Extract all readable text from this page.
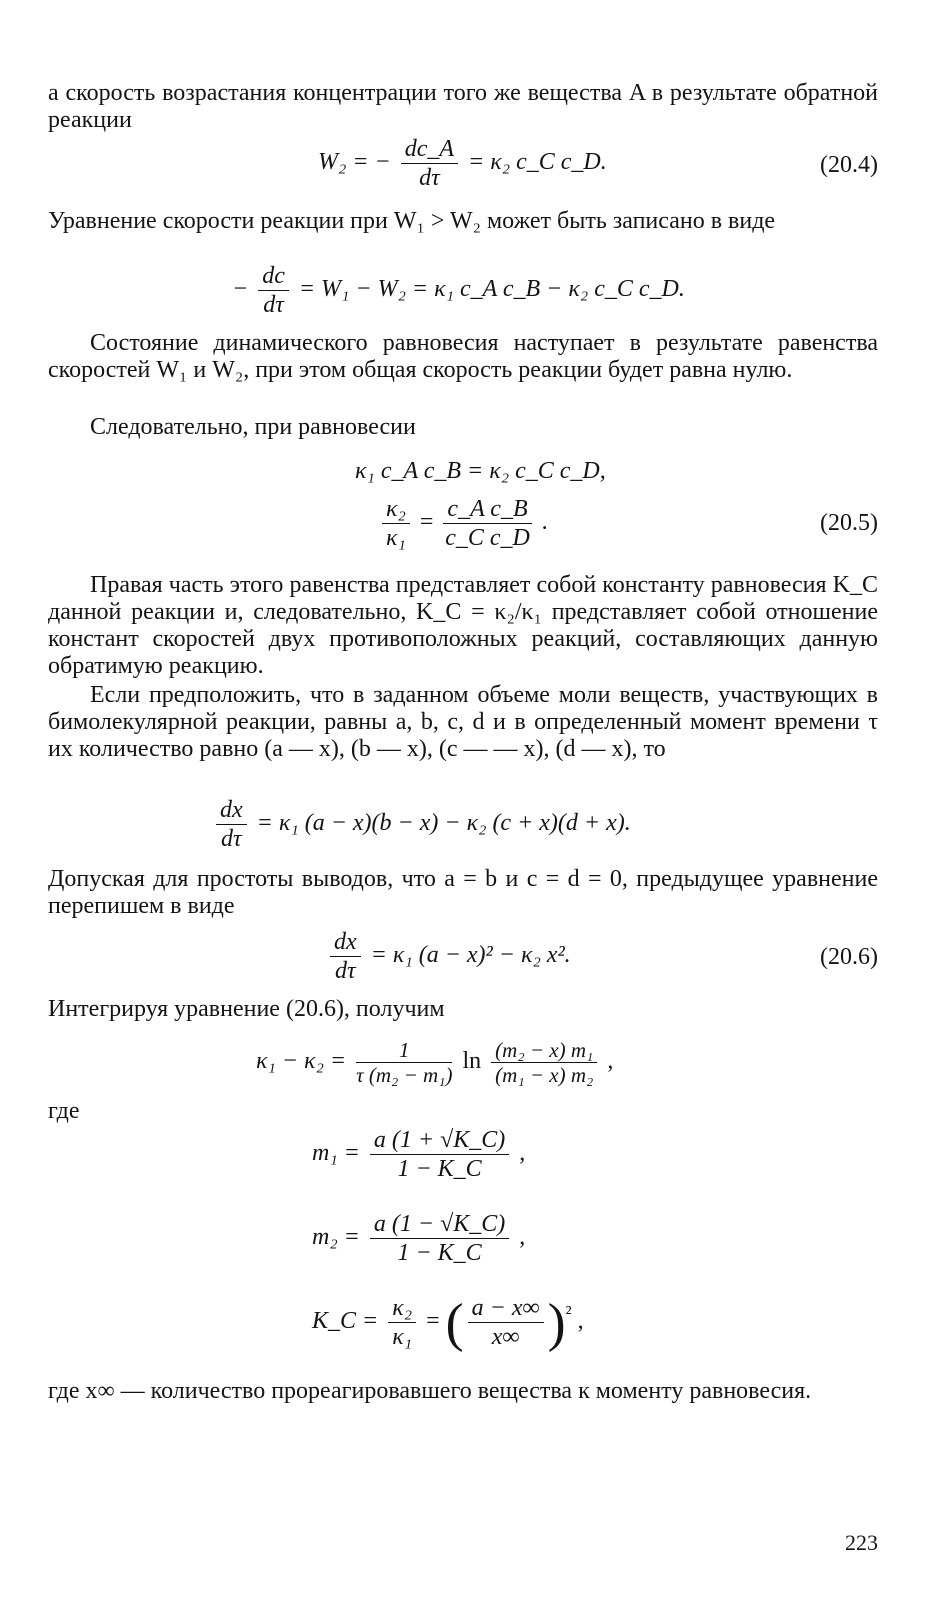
а скорость возрастания концентрации того же вещества A в результате обратной реакции

W₂ = − $\frac{dc\_A}{d\tau} = \kappa_2$ c_C c_D.	(20.4)

Уравнение скорости реакции при W₁ > W₂ может быть записано в виде

− $\frac{dc}{d\tau} = W_1 - W_2 = \kappa_1$ c_A c_B − κ₂ c_C c_D.

Состояние динамического равновесия наступает в результате равенства скоростей W₁ и W₂, при этом общая скорость реакции будет равна нулю.

Следовательно, при равновесии

κ₁ c_A c_B = κ₂ c_C c_D,
$\frac{\text{κ₂}}{\text{κ₁}} = \frac{\text{c\_A c\_B}}{\text{c\_C c\_D}}$ .	(20.5)

Правая часть этого равенства представляет собой константу равновесия K_C данной реакции и, следовательно, K_C = κ₂/κ₁ представляет собой отношение констант скоростей двух противоположных реакций, составляющих данную обратимую реакцию.

Если предположить, что в заданном объеме моли веществ, участвующих в бимолекулярной реакции, равны a, b, c, d и в определенный момент времени τ их количество равно (a — x), (b — x), (c — — x), (d — x), то

$\frac{dx}{d\tau} = \kappa_1$ (a − x)(b − x) − κ₂ (c + x)(d + x).

Допуская для простоты выводов, что a = b и c = d = 0, предыдущее уравнение перепишем в виде

$\frac{dx}{d\tau} = \kappa_1$ (a − x)² − κ₂ x².	(20.6)

Интегрируя уравнение (20.6), получим

$\kappa_1 - \kappa_2 = \frac{1}{\text{τ (m₂ − m₁)}}$ $\ln \frac{\text{(m₂ − x) m₁}}{\text{(m₁ − x) m₂}}$ ,

где

$m_1 = \frac{a (1 + √K\_C)}{1 - K\_C}$ ,
$m_2 = \frac{a (1 - √K\_C)}{1 - K\_C}$ ,
K_C = $\frac{\text{κ₂}}{\text{κ₁}}$ = ( $\frac{a - x\infty}{x\infty} )^{^2}$ ,

где x∞ — количество прореагировавшего вещества к моменту равновесия.

223
